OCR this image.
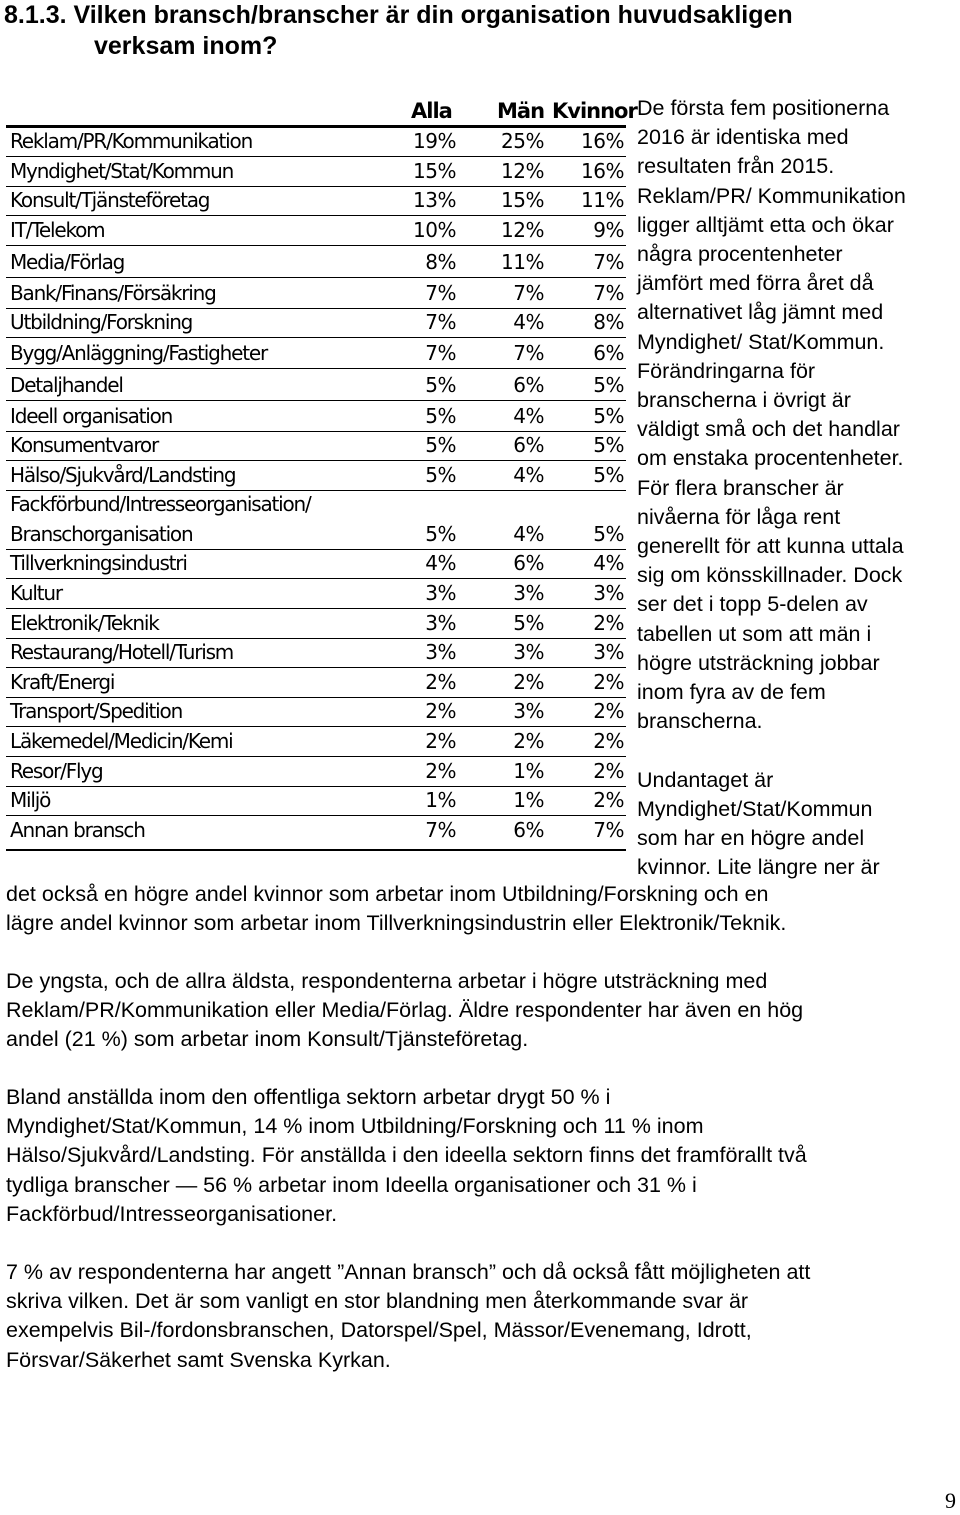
8.1.3. Vilken bransch/branscher är din organisation huvudsakligen
verksam inom?
Alla Män Kvinnor
Reklam/PR/Kommunikation	19%	25%	16%
Myndighet/Stat/Kommun	15%	12%	16%
Konsult/Tjänsteföretag	13%	15%	11%
IT/Telekom	10%	12%	9%
Media/Förlag	8%	11%	7%
Bank/Finans/Försäkring	7%	7%	7%
Utbildning/Forskning	7%	4%	8%
Bygg/Anläggning/Fastigheter	7%	7%	6%
Detaljhandel	5%	6%	5%
Ideell organisation	5%	4%	5%
Konsumentvaror	5%	6%	5%
Hälso/Sjukvård/Landsting	5%	4%	5%
Fackförbund/Intresseorganisation/
Branschorganisation	5%	4%	5%
Tillverkningsindustri	4%	6%	4%
Kultur	3%	3%	3%
Elektronik/Teknik	3%	5%	2%
Restaurang/Hotell/Turism	3%	3%	3%
Kraft/Energi	2%	2%	2%
Transport/Spedition	2%	3%	2%
Läkemedel/Medicin/Kemi	2%	2%	2%
Resor/Flyg	2%	1%	2%
Miljö	1%	1%	2%
Annan bransch	7%	6%	7%

De första fem positionerna
2016 är identiska med
resultaten från 2015.
Reklam/PR/ Kommunikation
ligger alltjämt etta och ökar
några procentenheter
jämfört med förra året då
alternativet låg jämnt med
Myndighet/ Stat/Kommun.
Förändringarna för
branscherna i övrigt är
väldigt små och det handlar
om enstaka procentenheter.
För flera branscher är
nivåerna för låga rent
generellt för att kunna uttala
sig om könsskillnader. Dock
ser det i topp 5-delen av
tabellen ut som att män i
högre utsträckning jobbar
inom fyra av de fem
branscherna.

Undantaget är
Myndighet/Stat/Kommun
som har en högre andel
kvinnor. Lite längre ner är

det också en högre andel kvinnor som arbetar inom Utbildning/Forskning och en
lägre andel kvinnor som arbetar inom Tillverkningsindustrin eller Elektronik/Teknik.

De yngsta, och de allra äldsta, respondenterna arbetar i högre utsträckning med
Reklam/PR/Kommunikation eller Media/Förlag. Äldre respondenter har även en hög
andel (21 %) som arbetar inom Konsult/Tjänsteföretag.

Bland anställda inom den offentliga sektorn arbetar drygt 50 % i
Myndighet/Stat/Kommun, 14 % inom Utbildning/Forskning och 11 % inom
Hälso/Sjukvård/Landsting. För anställda i den ideella sektorn finns det framförallt två
tydliga branscher — 56 % arbetar inom Ideella organisationer och 31 % i
Fackförbud/Intresseorganisationer.

7 % av respondenterna har angett ”Annan bransch” och då också fått möjligheten att
skriva vilken. Det är som vanligt en stor blandning men återkommande svar är
exempelvis Bil-/fordonsbranschen, Datorspel/Spel, Mässor/Evenemang, Idrott,
Försvar/Säkerhet samt Svenska Kyrkan.

9
